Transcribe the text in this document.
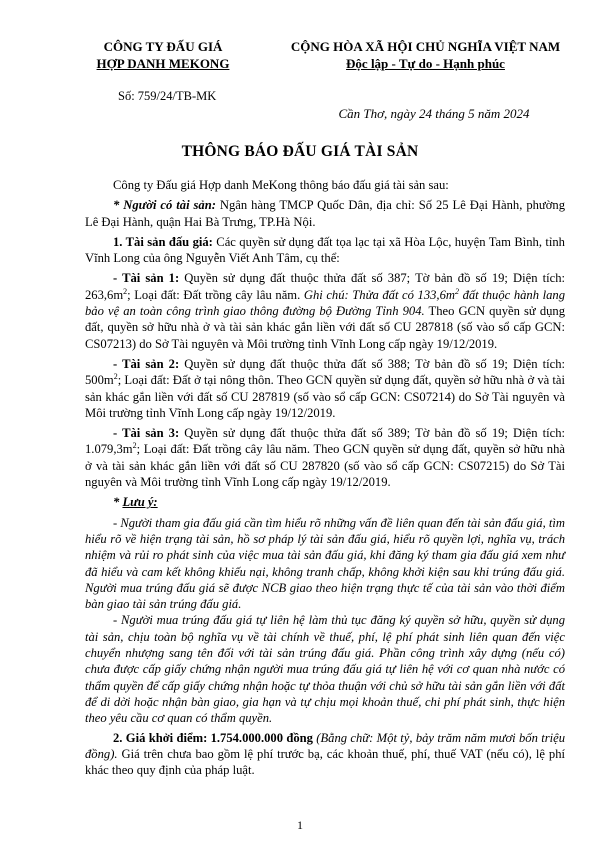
CÔNG TY ĐẤU GIÁ
HỢP DANH MEKONG
Số: 759/24/TB-MK
CỘNG HÒA XÃ HỘI CHỦ NGHĨA VIỆT NAM
Độc lập - Tự do - Hạnh phúc
Cần Thơ, ngày 24 tháng 5 năm 2024
THÔNG BÁO ĐẤU GIÁ TÀI SẢN

Công ty Đấu giá Hợp danh MeKong thông báo đấu giá tài sản sau:

* Người có tài sản: Ngân hàng TMCP Quốc Dân, địa chỉ: Số 25 Lê Đại Hành, phường Lê Đại Hành, quận Hai Bà Trưng, TP.Hà Nội.

1. Tài sản đấu giá: Các quyền sử dụng đất tọa lạc tại xã Hòa Lộc, huyện Tam Bình, tỉnh Vĩnh Long của ông Nguyễn Viết Anh Tâm, cụ thể:

- Tài sản 1: Quyền sử dụng đất thuộc thửa đất số 387; Tờ bản đồ số 19; Diện tích: $263,6m^2$; Loại đất: Đất trồng cây lâu năm. Ghi chú: Thửa đất có $133,6m^2$ đất thuộc hành lang bảo vệ an toàn công trình giao thông đường bộ Đường Tỉnh 904. Theo GCN quyền sử dụng đất, quyền sở hữu nhà ở và tài sản khác gắn liền với đất số CU 287818 (số vào sổ cấp GCN: CS07213) do Sở Tài nguyên và Môi trường tỉnh Vĩnh Long cấp ngày 19/12/2019.

- Tài sản 2: Quyền sử dụng đất thuộc thửa đất số 388; Tờ bản đồ số 19; Diện tích: $500m^2$; Loại đất: Đất ở tại nông thôn. Theo GCN quyền sử dụng đất, quyền sở hữu nhà ở và tài sản khác gắn liền với đất số CU 287819 (số vào sổ cấp GCN: CS07214) do Sở Tài nguyên và Môi trường tỉnh Vĩnh Long cấp ngày 19/12/2019.

- Tài sản 3: Quyền sử dụng đất thuộc thửa đất số 389; Tờ bản đồ số 19; Diện tích: $1.079,3m^2$; Loại đất: Đất trồng cây lâu năm. Theo GCN quyền sử dụng đất, quyền sở hữu nhà ở và tài sản khác gắn liền với đất số CU 287820 (số vào sổ cấp GCN: CS07215) do Sở Tài nguyên và Môi trường tỉnh Vĩnh Long cấp ngày 19/12/2019.

* Lưu ý:

- Người tham gia đấu giá cần tìm hiểu rõ những vấn đề liên quan đến tài sản đấu giá, tìm hiểu rõ về hiện trạng tài sản, hồ sơ pháp lý tài sản đấu giá, hiểu rõ quyền lợi, nghĩa vụ, trách nhiệm và rủi ro phát sinh của việc mua tài sản đấu giá, khi đăng ký tham gia đấu giá xem như đã hiểu và cam kết không khiếu nại, không tranh chấp, không khởi kiện sau khi trúng đấu giá. Người mua trúng đấu giá sẽ được NCB giao theo hiện trạng thực tế của tài sản vào thời điểm bàn giao tài sản trúng đấu giá.

- Người mua trúng đấu giá tự liên hệ làm thủ tục đăng ký quyền sở hữu, quyền sử dụng tài sản, chịu toàn bộ nghĩa vụ về tài chính về thuế, phí, lệ phí phát sinh liên quan đến việc chuyển nhượng sang tên đối với tài sản trúng đấu giá. Phần công trình xây dựng (nếu có) chưa được cấp giấy chứng nhận người mua trúng đấu giá tự liên hệ với cơ quan nhà nước có thẩm quyền để cấp giấy chứng nhận hoặc tự thỏa thuận với chủ sở hữu tài sản gắn liền với đất để di dời hoặc nhận bàn giao, gia hạn và tự chịu mọi khoản thuế, chi phí phát sinh, thực hiện theo yêu cầu cơ quan có thẩm quyền.

2. Giá khởi điểm: 1.754.000.000 đồng (Bằng chữ: Một tỷ, bảy trăm năm mươi bốn triệu đồng). Giá trên chưa bao gồm lệ phí trước bạ, các khoản thuế, phí, thuế VAT (nếu có), lệ phí khác theo quy định của pháp luật.

1
